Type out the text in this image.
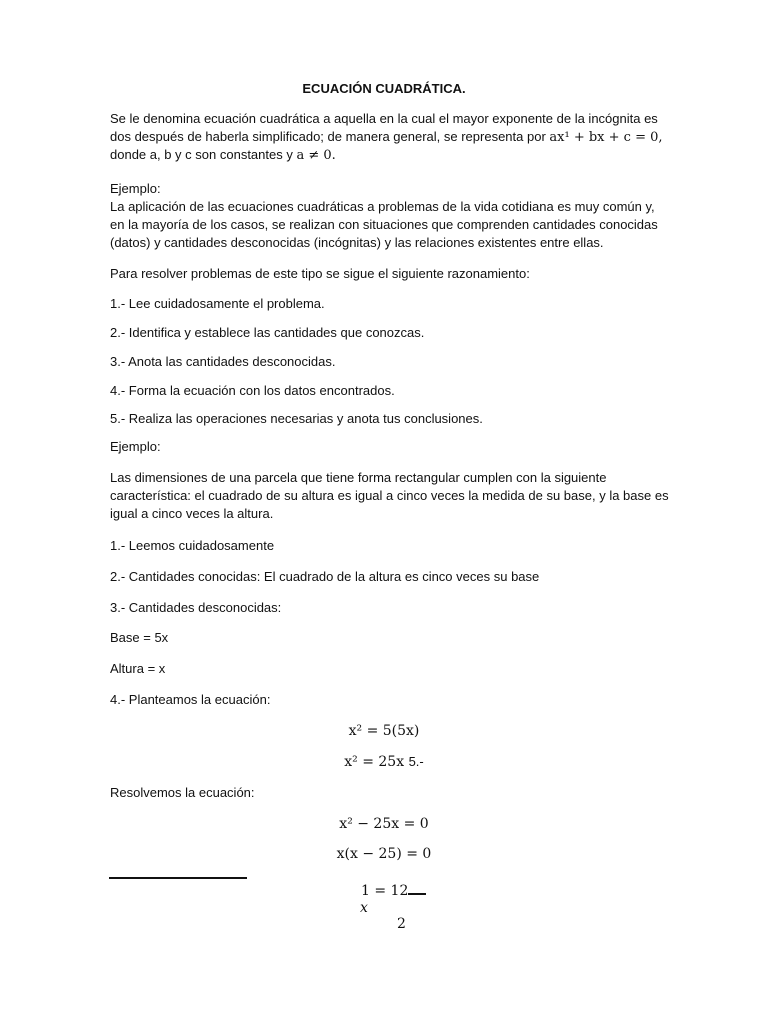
ECUACIÓN CUADRÁTICA.
Se le denomina ecuación cuadrática a aquella en la cual el mayor exponente de la incógnita es
dos después de haberla simplificado; de manera general, se representa por ax¹ + bx + c = 0,
donde a, b y c son constantes y a ≠ 0.
Ejemplo:
La aplicación de las ecuaciones cuadráticas a problemas de la vida cotidiana es muy común y,
en la mayoría de los casos, se realizan con situaciones que comprenden cantidades conocidas
(datos) y cantidades desconocidas (incógnitas) y las relaciones existentes entre ellas.
Para resolver problemas de este tipo se sigue el siguiente razonamiento:
1.- Lee cuidadosamente el problema.
2.- Identifica y establece las cantidades que conozcas.
3.- Anota las cantidades desconocidas.
4.- Forma la ecuación con los datos encontrados.
5.- Realiza las operaciones necesarias y anota tus conclusiones.
Ejemplo:
Las dimensiones de una parcela que tiene forma rectangular cumplen con la siguiente
característica: el cuadrado de su altura es igual a cinco veces la medida de su base, y la base es
igual a cinco veces la altura.
1.- Leemos cuidadosamente
2.- Cantidades conocidas: El cuadrado de la altura es cinco veces su base
3.- Cantidades desconocidas:
Base = 5x
Altura = x
4.- Planteamos la ecuación:
x² = 5(5x)
x² = 25x 5.-
Resolvemos la ecuación:
x² − 25x = 0
x(x − 25) = 0
1 = 12
x
2
